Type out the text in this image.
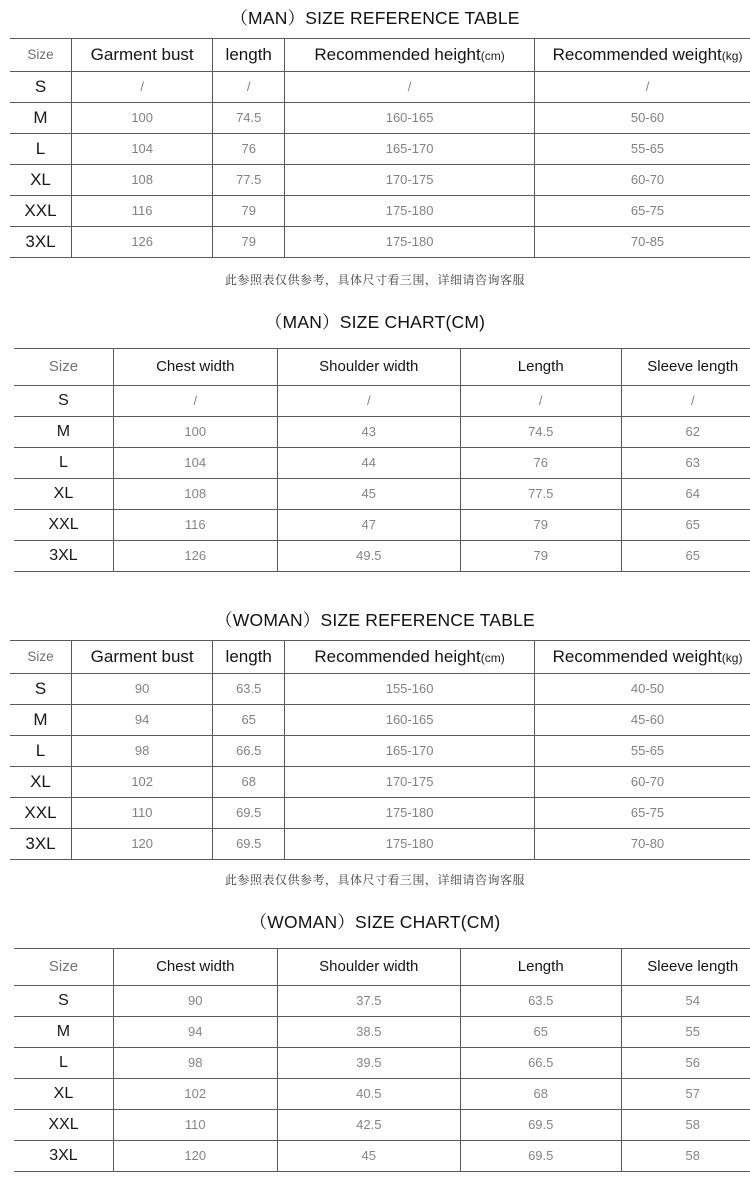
（MAN）SIZE REFERENCE TABLE
Size	Garment bust	length	Recommended height(cm)	Recommended weight(kg)
S	/	/	/	/
M	100	74.5	160-165	50-60
L	104	76	165-170	55-65
XL	108	77.5	170-175	60-70
XXL	116	79	175-180	65-75
3XL	126	79	175-180	70-85
此参照表仅供参考，具体尺寸看三围，详细请咨询客服
（MAN）SIZE CHART(CM)
Size	Chest width	Shoulder width	Length	Sleeve length
S	/	/	/	/
M	100	43	74.5	62
L	104	44	76	63
XL	108	45	77.5	64
XXL	116	47	79	65
3XL	126	49.5	79	65
（WOMAN）SIZE REFERENCE TABLE
Size	Garment bust	length	Recommended height(cm)	Recommended weight(kg)
S	90	63.5	155-160	40-50
M	94	65	160-165	45-60
L	98	66.5	165-170	55-65
XL	102	68	170-175	60-70
XXL	110	69.5	175-180	65-75
3XL	120	69.5	175-180	70-80
此参照表仅供参考，具体尺寸看三围，详细请咨询客服
（WOMAN）SIZE CHART(CM)
Size	Chest width	Shoulder width	Length	Sleeve length
S	90	37.5	63.5	54
M	94	38.5	65	55
L	98	39.5	66.5	56
XL	102	40.5	68	57
XXL	110	42.5	69.5	58
3XL	120	45	69.5	58
